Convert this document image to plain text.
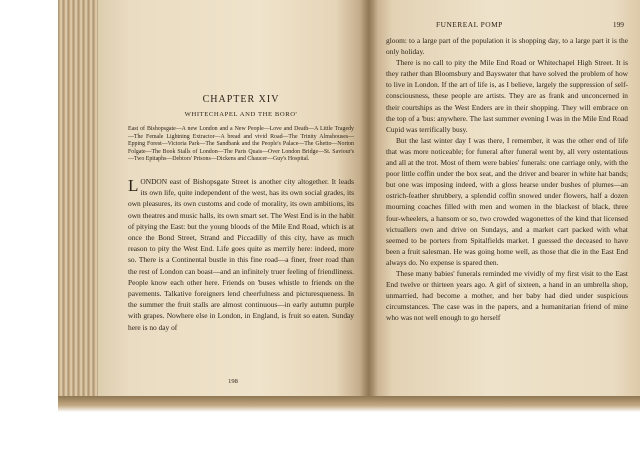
CHAPTER XIV

WHITECHAPEL AND THE BORO'

East of Bishopsgate—A new London and a New People—Love and Death—A Little Tragedy—The Female Lightning Extractor—A bread and vivid Road—The Trinity Almshouses—Epping Forest—Victoria Park—The Sandbank and the People's Palace—The Ghetto—Norton Folgate—The Book Stalls of London—The Paris Quais—Over London Bridge—St. Saviour's—Two Epitaphs—Debtors' Prisons—Dickens and Chaucer—Guy's Hospital.

LONDON east of Bishopsgate Street is another city altogether. It leads its own life, quite independent of the west, has its own social grades, its own pleasures, its own customs and code of morality, its own ambitions, its own theatres and music halls, its own smart set. The West End is in the habit of pitying the East: but the young bloods of the Mile End Road, which is at once the Bond Street, Strand and Piccadilly of this city, have as much reason to pity the West End. Life goes quite as merrily here: indeed, more so. There is a Continental bustle in this fine road—a finer, freer road than the rest of London can boast—and an infinitely truer feeling of friendliness. People know each other here. Friends on 'buses whistle to friends on the pavements. Talkative foreigners lend cheerfulness and picturesqueness. In the summer the fruit stalls are almost continuous—in early autumn purple with grapes. Nowhere else in London, in England, is fruit so eaten. Sunday here is no day of

198
FUNEREAL POMP	199

gloom: to a large part of the population it is shopping day, to a large part it is the only holiday.

There is no call to pity the Mile End Road or Whitechapel High Street. It is they rather than Bloomsbury and Bayswater that have solved the problem of how to live in London. If the art of life is, as I believe, largely the suppression of self-consciousness, these people are artists. They are as frank and unconcerned in their courtships as the West Enders are in their shopping. They will embrace on the top of a 'bus: anywhere. The last summer evening I was in the Mile End Road Cupid was terrifically busy.

But the last winter day I was there, I remember, it was the other end of life that was more noticeable; for funeral after funeral went by, all very ostentatious and all at the trot. Most of them were babies' funerals: one carriage only, with the poor little coffin under the box seat, and the driver and bearer in white hat bands; but one was imposing indeed, with a gloss hearse under bushes of plumes—an ostrich-feather shrubbery, a splendid coffin snowed under flowers, half a dozen mourning coaches filled with men and women in the blackest of black, three four-wheelers, a hansom or so, two crowded wagonettes of the kind that licensed victuallers own and drive on Sundays, and a market cart packed with what seemed to be porters from Spitalfields market. I guessed the deceased to have been a fruit salesman. He was going home well, as those that die in the East End always do. No expense is spared then.

These many babies' funerals reminded me vividly of my first visit to the East End twelve or thirteen years ago. A girl of sixteen, a hand in an umbrella shop, unmarried, had become a mother, and her baby had died under suspicious circumstances. The case was in the papers, and a humanitarian friend of mine who was not well enough to go herself
